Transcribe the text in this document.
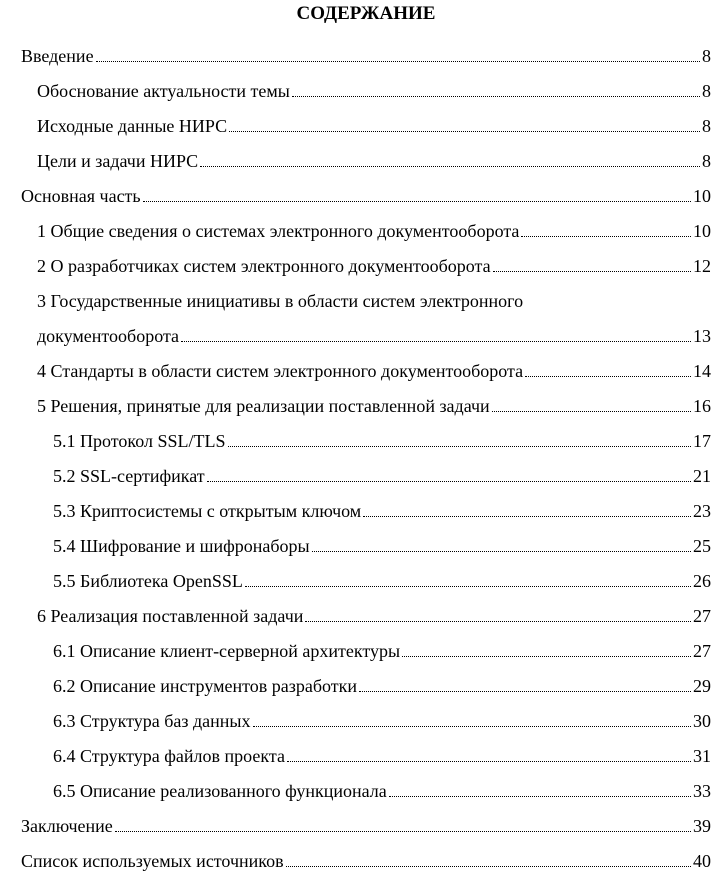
СОДЕРЖАНИЕ
Введение	8
Обоснование актуальности темы	8
Исходные данные НИРС	8
Цели и задачи НИРС	8
Основная часть	10
1 Общие сведения о системах электронного документооборота	10
2 О разработчиках систем электронного документооборота	12
3 Государственные инициативы в области систем электронного
документооборота	13
4 Стандарты в области систем электронного документооборота	14
5 Решения, принятые для реализации поставленной задачи	16
5.1 Протокол SSL/TLS	17
5.2 SSL-сертификат	21
5.3 Криптосистемы с открытым ключом	23
5.4 Шифрование и шифронаборы	25
5.5 Библиотека OpenSSL	26
6 Реализация поставленной задачи	27
6.1 Описание клиент-серверной архитектуры	27
6.2 Описание инструментов разработки	29
6.3 Структура баз данных	30
6.4 Структура файлов проекта	31
6.5 Описание реализованного функционала	33
Заключение	39
Список используемых источников	40
